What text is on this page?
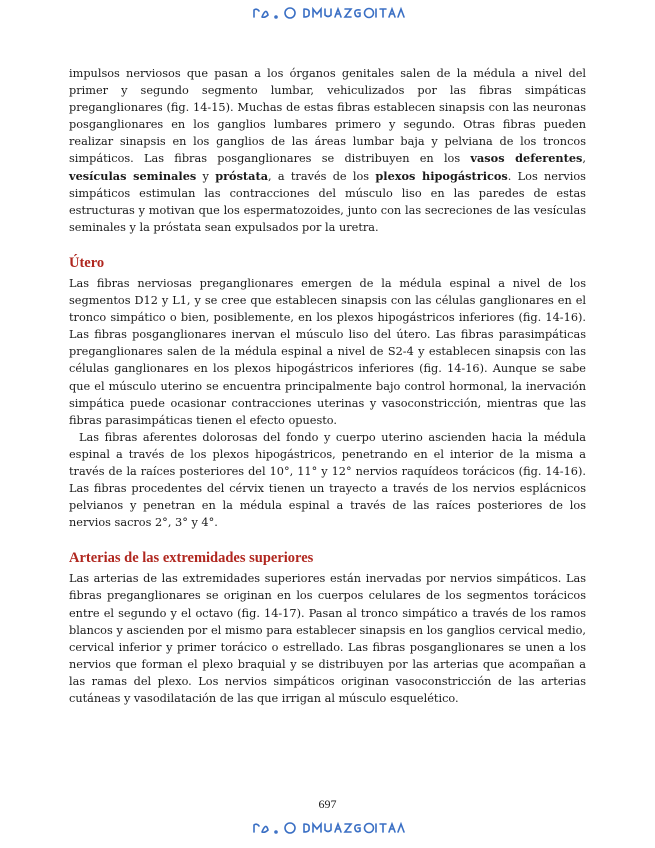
impulsos nerviosos que pasan a los órganos genitales salen de la médula a nivel del primer y segundo segmento lumbar, vehiculizados por las fibras simpáticas preganglionares (fig. 14-15). Muchas de estas fibras establecen sinapsis con las neuronas posganglionares en los ganglios lumbares primero y segundo. Otras fibras pueden realizar sinapsis en los ganglios de las áreas lumbar baja y pelviana de los troncos simpáticos. Las fibras posganglionares se distribuyen en los vasos deferentes, vesículas seminales y próstata, a través de los plexos hipogástricos. Los nervios simpáticos estimulan las contracciones del músculo liso en las paredes de estas estructuras y motivan que los espermatozoides, junto con las secreciones de las vesículas seminales y la próstata sean expulsados por la uretra.

Útero

Las fibras nerviosas preganglionares emergen de la médula espinal a nivel de los segmentos D12 y L1, y se cree que establecen sinapsis con las células ganglionares en el tronco simpático o bien, posiblemente, en los plexos hipogástricos inferiores (fig. 14-16). Las fibras posganglionares inervan el músculo liso del útero. Las fibras parasimpáticas preganglionares salen de la médula espinal a nivel de S2-4 y establecen sinapsis con las células ganglionares en los plexos hipogástricos inferiores (fig. 14-16). Aunque se sabe que el músculo uterino se encuentra principalmente bajo control hormonal, la inervación simpática puede ocasionar contracciones uterinas y vasoconstricción, mientras que las fibras parasimpáticas tienen el efecto opuesto.

Las fibras aferentes dolorosas del fondo y cuerpo uterino ascienden hacia la médula espinal a través de los plexos hipogástricos, penetrando en el interior de la misma a través de la raíces posteriores del 10°, 11° y 12° nervios raquídeos torácicos (fig. 14-16). Las fibras procedentes del cérvix tienen un trayecto a través de los nervios esplácnicos pelvianos y penetran en la médula espinal a través de las raíces posteriores de los nervios sacros 2°, 3° y 4°.

Arterias de las extremidades superiores

Las arterias de las extremidades superiores están inervadas por nervios simpáticos. Las fibras preganglionares se originan en los cuerpos celulares de los segmentos torácicos entre el segundo y el octavo (fig. 14-17). Pasan al tronco simpático a través de los ramos blancos y ascienden por el mismo para establecer sinapsis en los ganglios cervical medio, cervical inferior y primer torácico o estrellado. Las fibras posganglionares se unen a los nervios que forman el plexo braquial y se distribuyen por las arterias que acompañan a las ramas del plexo. Los nervios simpáticos originan vasoconstricción de las arterias cutáneas y vasodilatación de las que irrigan al músculo esquelético.

697
